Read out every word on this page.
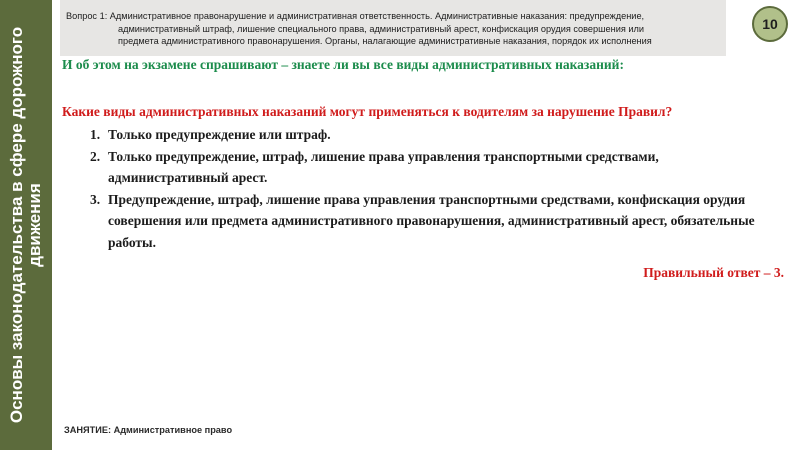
Основы законодательства в сфере дорожного движения
Вопрос 1: Административное правонарушение и административная ответственность. Административные наказания: предупреждение,
административный штраф, лишение специального права, административный арест, конфискация орудия совершения или
предмета административного правонарушения. Органы, налагающие административные наказания, порядок их исполнения
10
И об этом на экзамене спрашивают – знаете ли вы все виды административных наказаний:
Какие виды административных наказаний могут применяться к водителям за нарушение Правил?
1. Только предупреждение или штраф.
2. Только предупреждение, штраф, лишение права управления транспортными средствами, административный арест.
3. Предупреждение, штраф, лишение права управления транспортными средствами, конфискация орудия совершения или предмета административного правонарушения, административный арест, обязательные работы.
Правильный ответ – 3.
ЗАНЯТИЕ: Административное право
